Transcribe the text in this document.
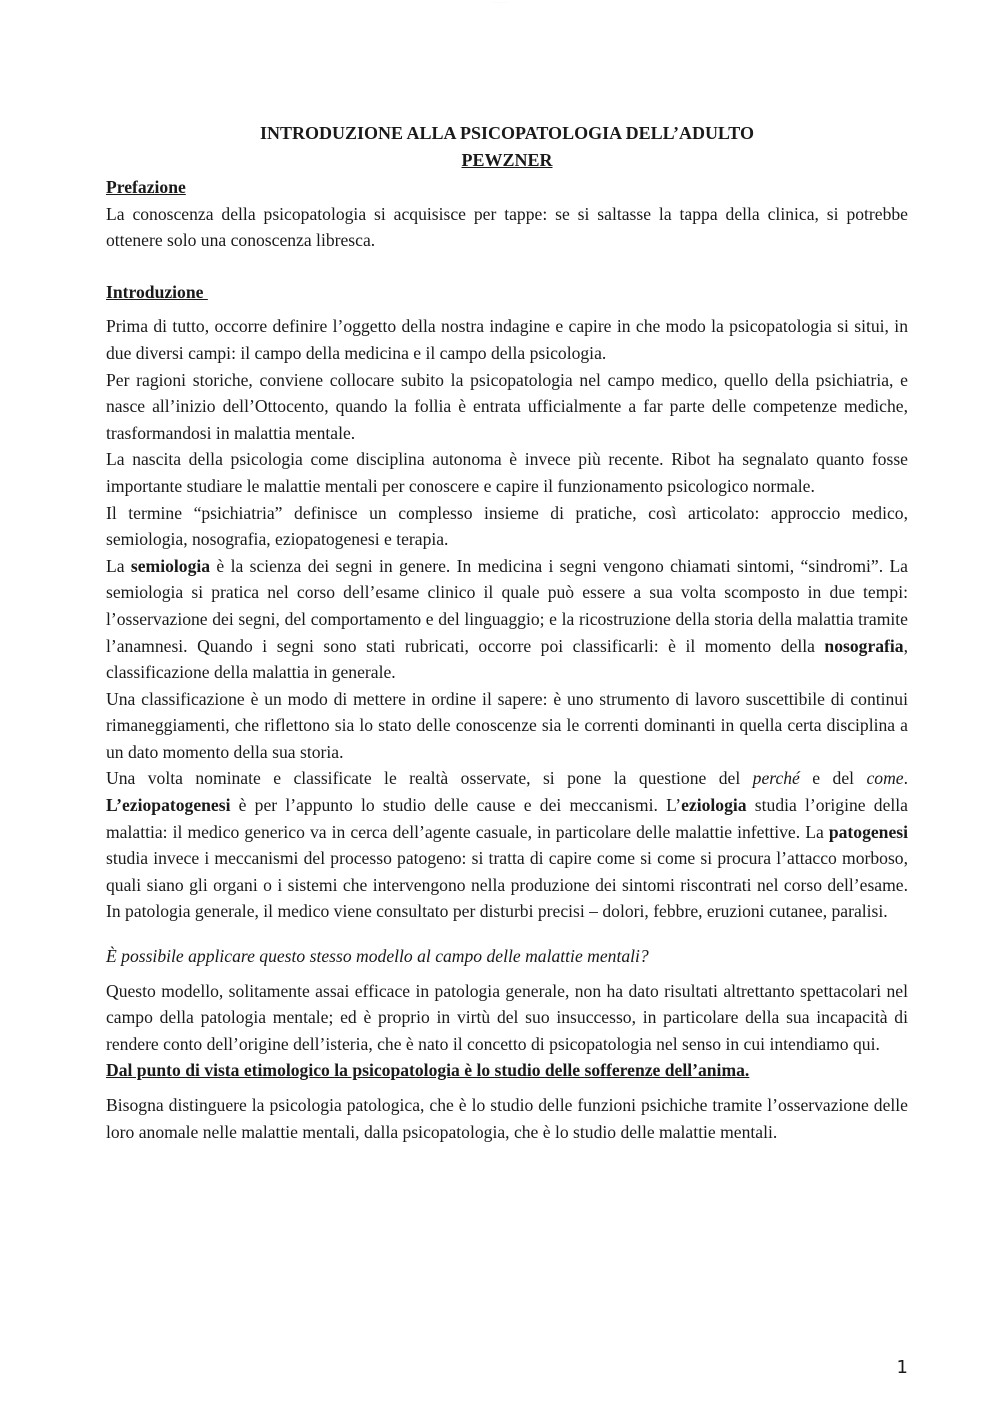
· · · · · · · · · ·
INTRODUZIONE ALLA PSICOPATOLOGIA DELL’ADULTO
PEWZNER
Prefazione

La conoscenza della psicopatologia si acquisisce per tappe: se si saltasse la tappa della clinica, si potrebbe ottenere solo una conoscenza libresca.

Introduzione

Prima di tutto, occorre definire l’oggetto della nostra indagine e capire in che modo la psicopatologia si situi, in due diversi campi: il campo della medicina e il campo della psicologia.

Per ragioni storiche, conviene collocare subito la psicopatologia nel campo medico, quello della psichiatria, e nasce all’inizio dell’Ottocento, quando la follia è entrata ufficialmente a far parte delle competenze mediche, trasformandosi in malattia mentale.

La nascita della psicologia come disciplina autonoma è invece più recente. Ribot ha segnalato quanto fosse importante studiare le malattie mentali per conoscere e capire il funzionamento psicologico normale.

Il termine “psichiatria” definisce un complesso insieme di pratiche, così articolato: approccio medico, semiologia, nosografia, eziopatogenesi e terapia.

La semiologia è la scienza dei segni in genere. In medicina i segni vengono chiamati sintomi, “sindromi”. La semiologia si pratica nel corso dell’esame clinico il quale può essere a sua volta scomposto in due tempi: l’osservazione dei segni, del comportamento e del linguaggio; e la ricostruzione della storia della malattia tramite l’anamnesi. Quando i segni sono stati rubricati, occorre poi classificarli: è il momento della nosografia, classificazione della malattia in generale.

Una classificazione è un modo di mettere in ordine il sapere: è uno strumento di lavoro suscettibile di continui rimaneggiamenti, che riflettono sia lo stato delle conoscenze sia le correnti dominanti in quella certa disciplina a un dato momento della sua storia.

Una volta nominate e classificate le realtà osservate, si pone la questione del perché e del come. L’eziopatogenesi è per l’appunto lo studio delle cause e dei meccanismi. L’eziologia studia l’origine della malattia: il medico generico va in cerca dell’agente casuale, in particolare delle malattie infettive. La patogenesi studia invece i meccanismi del processo patogeno: si tratta di capire come si come si procura l’attacco morboso, quali siano gli organi o i sistemi che intervengono nella produzione dei sintomi riscontrati nel corso dell’esame. In patologia generale, il medico viene consultato per disturbi precisi – dolori, febbre, eruzioni cutanee, paralisi.

È possibile applicare questo stesso modello al campo delle malattie mentali?

Questo modello, solitamente assai efficace in patologia generale, non ha dato risultati altrettanto spettacolari nel campo della patologia mentale; ed è proprio in virtù del suo insuccesso, in particolare della sua incapacità di rendere conto dell’origine dell’isteria, che è nato il concetto di psicopatologia nel senso in cui intendiamo qui.

Dal punto di vista etimologico la psicopatologia è lo studio delle sofferenze dell’anima.

Bisogna distinguere la psicologia patologica, che è lo studio delle funzioni psichiche tramite l’osservazione delle loro anomale nelle malattie mentali, dalla psicopatologia, che è lo studio delle malattie mentali.

1
